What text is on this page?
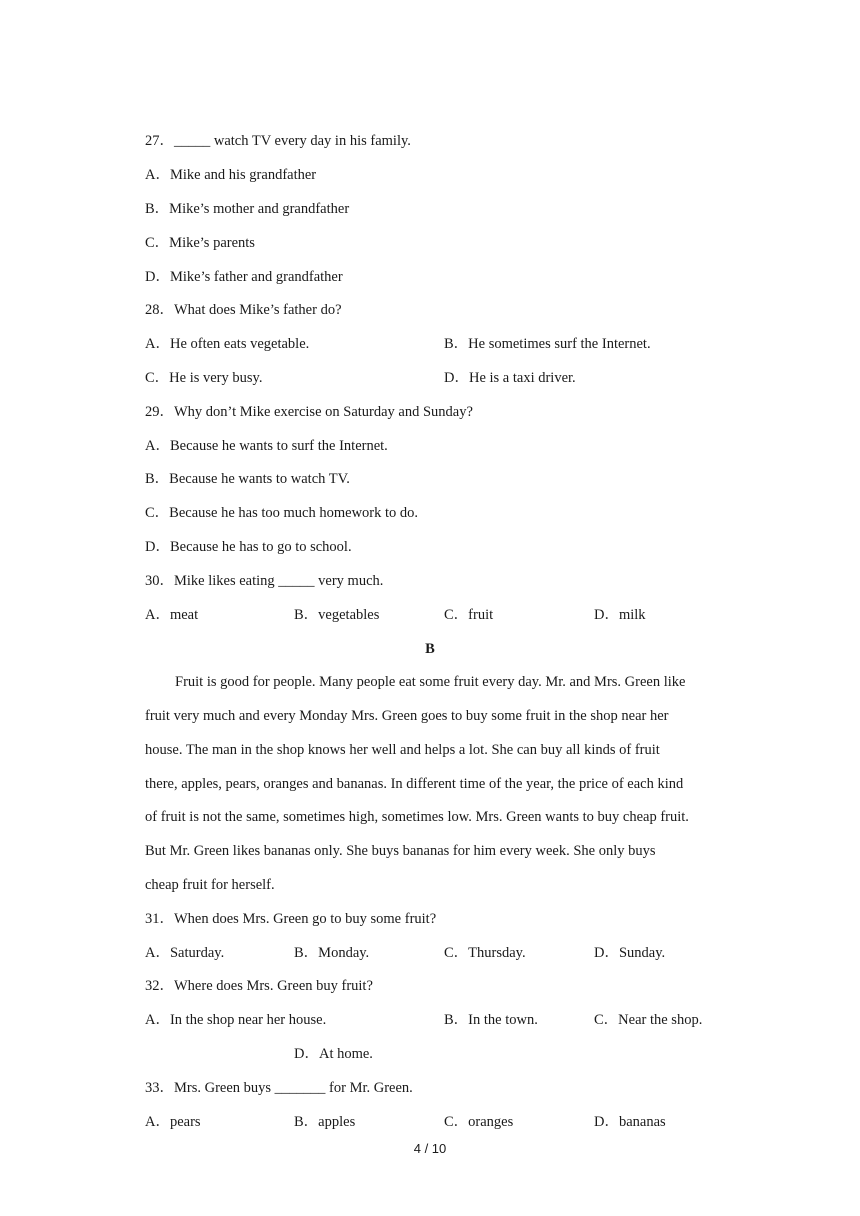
27．_____ watch TV every day in his family.
A．Mike and his grandfather
B．Mike’s mother and grandfather
C．Mike’s parents
D．Mike’s father and grandfather
28．What does Mike’s father do?
A．He often eats vegetable.	B．He sometimes surf the Internet.
C．He is very busy.	D．He is a taxi driver.
29．Why don’t Mike exercise on Saturday and Sunday?
A．Because he wants to surf the Internet.
B．Because he wants to watch TV.
C．Because he has too much homework to do.
D．Because he has to go to school.
30．Mike likes eating _____ very much.
A．meat	B．vegetables	C．fruit	D．milk
B
Fruit is good for people. Many people eat some fruit every day. Mr. and Mrs. Green like
fruit very much and every Monday Mrs. Green goes to buy some fruit in the shop near her
house. The man in the shop knows her well and helps a lot. She can buy all kinds of fruit
there, apples, pears, oranges and bananas. In different time of the year, the price of each kind
of fruit is not the same, sometimes high, sometimes low. Mrs. Green wants to buy cheap fruit.
But Mr. Green likes bananas only. She buys bananas for him every week. She only buys
cheap fruit for herself.
31．When does Mrs. Green go to buy some fruit?
A．Saturday.	B．Monday.	C．Thursday.	D．Sunday.
32．Where does Mrs. Green buy fruit?
A．In the shop near her house.	B．In the town.	C．Near the shop.
D．At home.
33．Mrs. Green buys _______ for Mr. Green.
A．pears	B．apples	C．oranges	D．bananas
4 / 10
